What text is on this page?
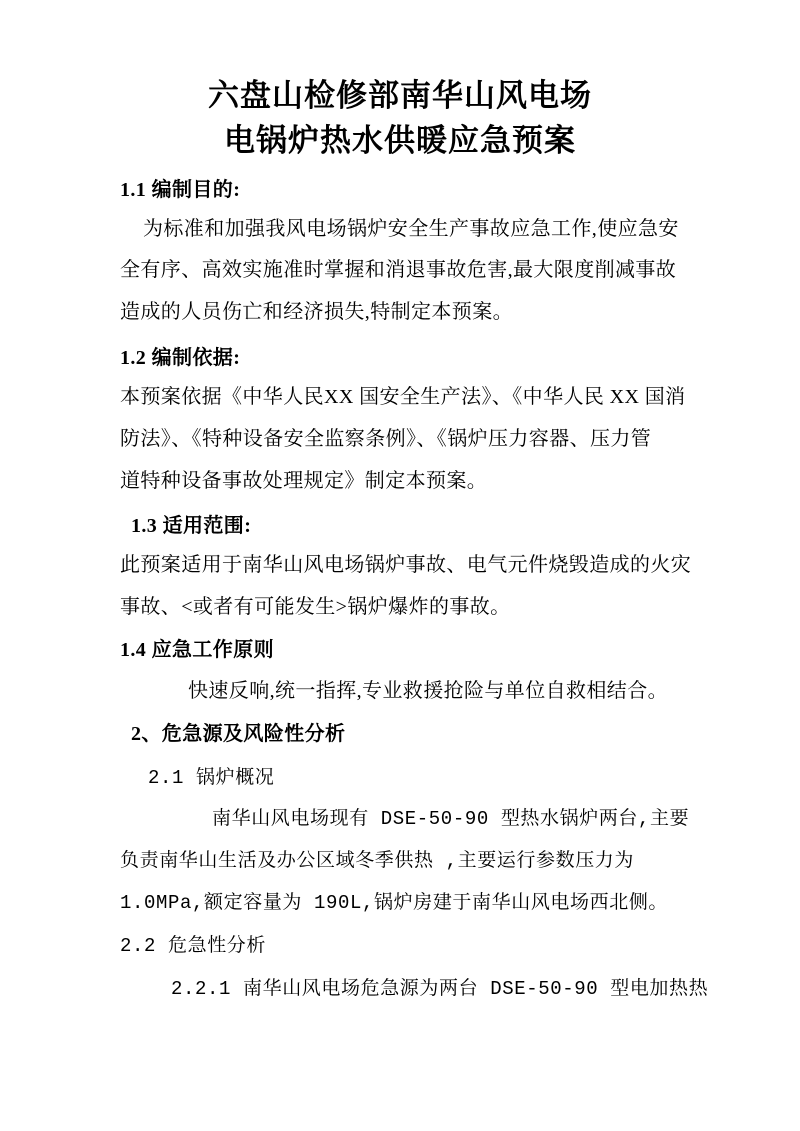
六盘山检修部南华山风电场
电锅炉热水供暖应急预案
1.1 编制目的:
为标准和加强我风电场锅炉安全生产事故应急工作,使应急安
全有序、高效实施准时掌握和消退事故危害,最大限度削减事故
造成的人员伤亡和经济损失,特制定本预案。
1.2 编制依据:
本预案依据《中华人民XX 国安全生产法》、《中华人民 XX 国消
防法》、《特种设备安全监察条例》、《锅炉压力容器、压力管
道特种设备事故处理规定》制定本预案。
1.3 适用范围:
此预案适用于南华山风电场锅炉事故、电气元件烧毁造成的火灾
事故、<或者有可能发生>锅炉爆炸的事故。
1.4 应急工作原则
快速反响,统一指挥,专业救援抢险与单位自救相结合。
2、危急源及风险性分析
2.1 锅炉概况
南华山风电场现有 DSE-50-90 型热水锅炉两台,主要
负责南华山生活及办公区域冬季供热 ,主要运行参数压力为
1.0MPa,额定容量为 190L,锅炉房建于南华山风电场西北侧。
2.2 危急性分析
2.2.1 南华山风电场危急源为两台 DSE-50-90 型电加热热
